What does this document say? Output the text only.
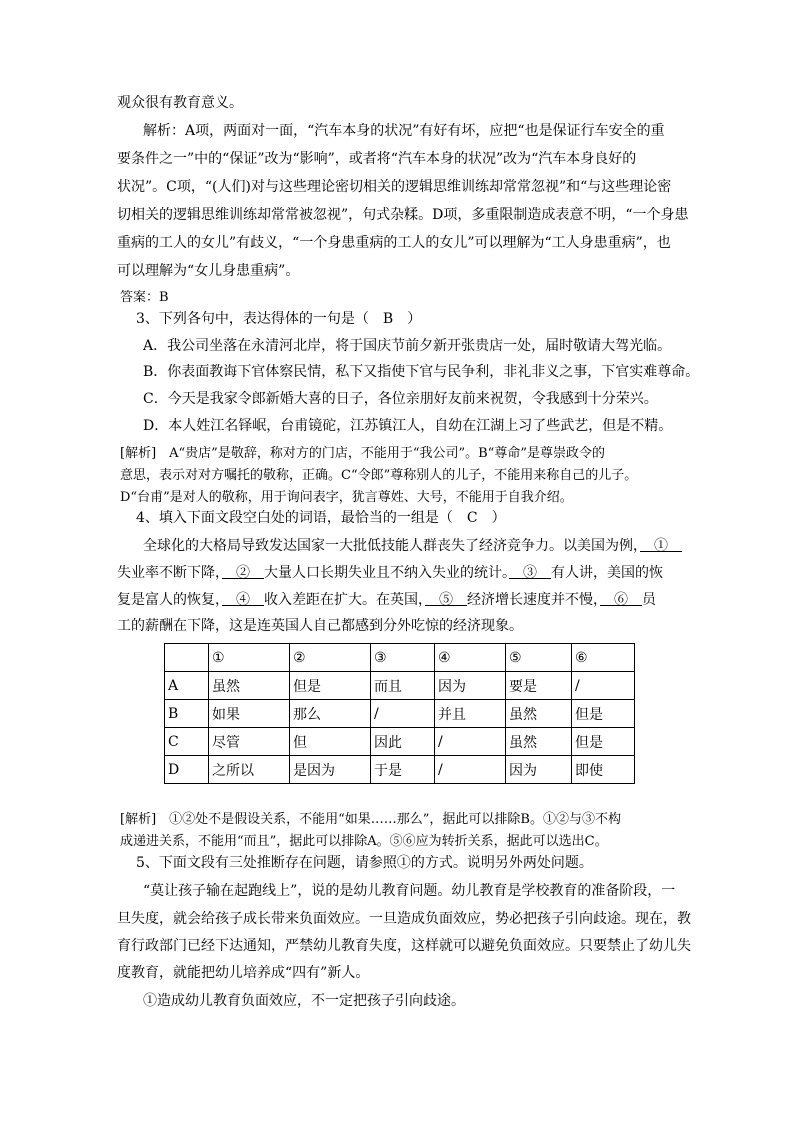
观众很有教育意义。
解析：A项，两面对一面，“汽车本身的状况”有好有坏，应把“也是保证行车安全的重
要条件之一”中的“保证”改为“影响”，或者将“汽车本身的状况”改为“汽车本身良好的
状况”。C项，“(人们)对与这些理论密切相关的逻辑思维训练却常常忽视”和“与这些理论密
切相关的逻辑思维训练却常常被忽视”，句式杂糅。D项，多重限制造成表意不明，“一个身患
重病的工人的女儿”有歧义，“一个身患重病的工人的女儿”可以理解为“工人身患重病”，也
可以理解为“女儿身患重病”。
答案：B
3、下列各句中，表达得体的一句是（　B　）
A．我公司坐落在永清河北岸，将于国庆节前夕新开张贵店一处，届时敬请大驾光临。
B．你表面教诲下官体察民情，私下又指使下官与民争利，非礼非义之事，下官实难尊命。
C．今天是我家令郎新婚大喜的日子，各位亲朋好友前来祝贺，令我感到十分荣兴。
D．本人姓江名铎岷，台甫镜砣，江苏镇江人，自幼在江湖上习了些武艺，但是不精。
[解析]　A“贵店”是敬辞，称对方的门店，不能用于“我公司”。B“尊命”是尊崇政令的
意思，表示对对方嘱托的敬称，正确。C“令郎”尊称别人的儿子，不能用来称自己的儿子。
D“台甫”是对人的敬称，用于询问表字，犹言尊姓、大号，不能用于自我介绍。
4、填入下面文段空白处的词语，最恰当的一组是（　C　）
全球化的大格局导致发达国家一大批低技能人群丧失了经济竞争力。以美国为例，　①　
失业率不断下降，　②　大量人口长期失业且不纳入失业的统计。　③　有人讲，美国的恢
复是富人的恢复，　④　收入差距在扩大。在英国，　⑤　经济增长速度并不慢，　⑥　员
工的薪酬在下降，这是连英国人自己都感到分外吃惊的经济现象。
	①	②	③	④	⑤	⑥
A	虽然	但是	而且	因为	要是	/
B	如果	那么	/	并且	虽然	但是
C	尽管	但	因此	/	虽然	但是
D	之所以	是因为	于是	/	因为	即使
[解析]　①②处不是假设关系，不能用“如果……那么”，据此可以排除B。①②与③不构
成递进关系，不能用“而且”，据此可以排除A。⑤⑥应为转折关系，据此可以选出C。
5、下面文段有三处推断存在问题，请参照①的方式。说明另外两处问题。
“莫让孩子输在起跑线上”，说的是幼儿教育问题。幼儿教育是学校教育的准备阶段，一
旦失度，就会给孩子成长带来负面效应。一旦造成负面效应，势必把孩子引向歧途。现在，教
育行政部门已经下达通知，严禁幼儿教育失度，这样就可以避免负面效应。只要禁止了幼儿失
度教育，就能把幼儿培养成“四有”新人。
①造成幼儿教育负面效应，不一定把孩子引向歧途。
